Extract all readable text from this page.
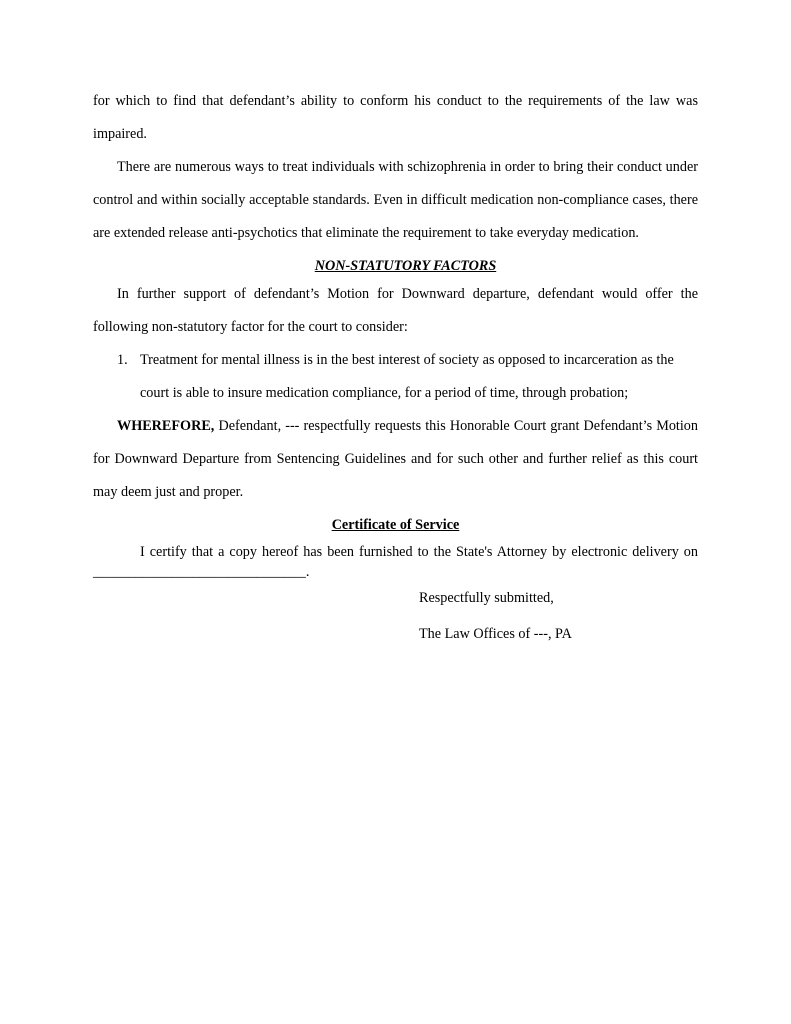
for which to find that defendant’s ability to conform his conduct to the requirements of the law was
impaired.
There are numerous ways to treat individuals with schizophrenia in order to bring their conduct under
control and within socially acceptable standards. Even in difficult medication non-compliance cases, there
are extended release anti-psychotics that eliminate the requirement to take everyday medication.
NON-STATUTORY FACTORS
In further support of defendant’s Motion for Downward departure, defendant would offer the
following non-statutory factor for the court to consider:
1. Treatment for mental illness is in the best interest of society as opposed to incarceration as the
court is able to insure medication compliance, for a period of time, through probation;
WHEREFORE, Defendant, --- respectfully requests this Honorable Court grant Defendant’s Motion
for Downward Departure from Sentencing Guidelines and for such other and further relief as this court
may deem just and proper.
Certificate of Service
I certify that a copy hereof has been furnished to the State's Attorney by electronic delivery on
______________________________.
Respectfully submitted,
The Law Offices of ---, PA
